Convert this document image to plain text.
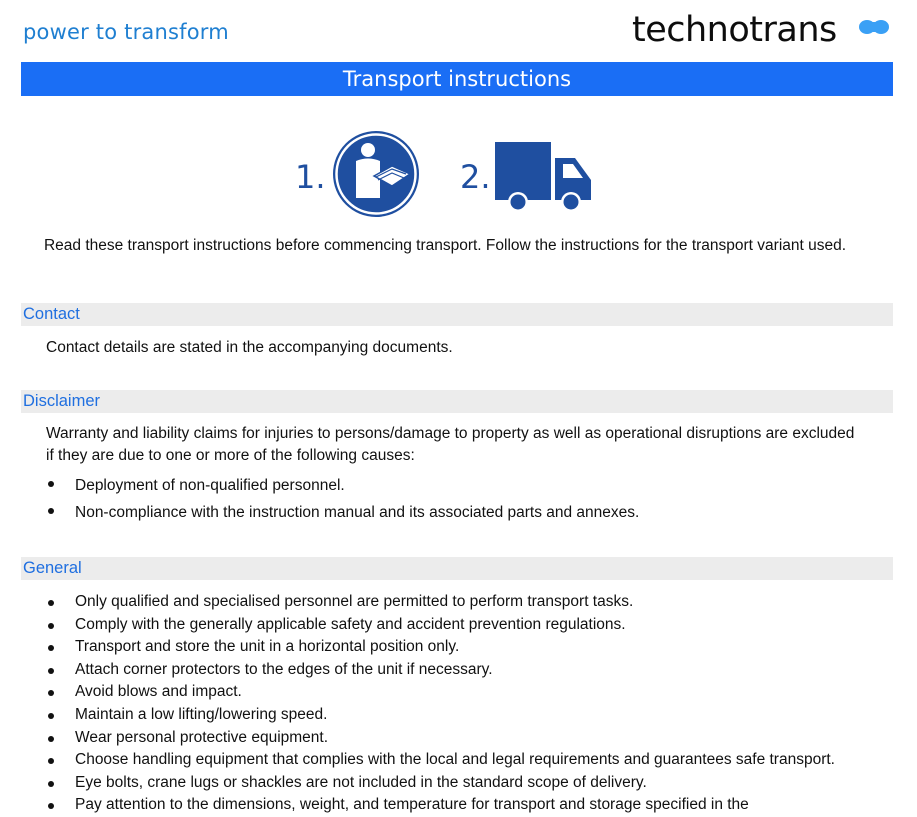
power to transform	technotrans
Transport instructions
1.	2.
Read these transport instructions before commencing transport. Follow the instructions for the transport variant used.
Contact
Contact details are stated in the accompanying documents.
Disclaimer
Warranty and liability claims for injuries to persons/damage to property as well as operational disruptions are excluded if they are due to one or more of the following causes:
Deployment of non-qualified personnel.
Non-compliance with the instruction manual and its associated parts and annexes.
General
Only qualified and specialised personnel are permitted to perform transport tasks.
Comply with the generally applicable safety and accident prevention regulations.
Transport and store the unit in a horizontal position only.
Attach corner protectors to the edges of the unit if necessary.
Avoid blows and impact.
Maintain a low lifting/lowering speed.
Wear personal protective equipment.
Choose handling equipment that complies with the local and legal requirements and guarantees safe transport.
Eye bolts, crane lugs or shackles are not included in the standard scope of delivery.
Pay attention to the dimensions, weight, and temperature for transport and storage specified in the
